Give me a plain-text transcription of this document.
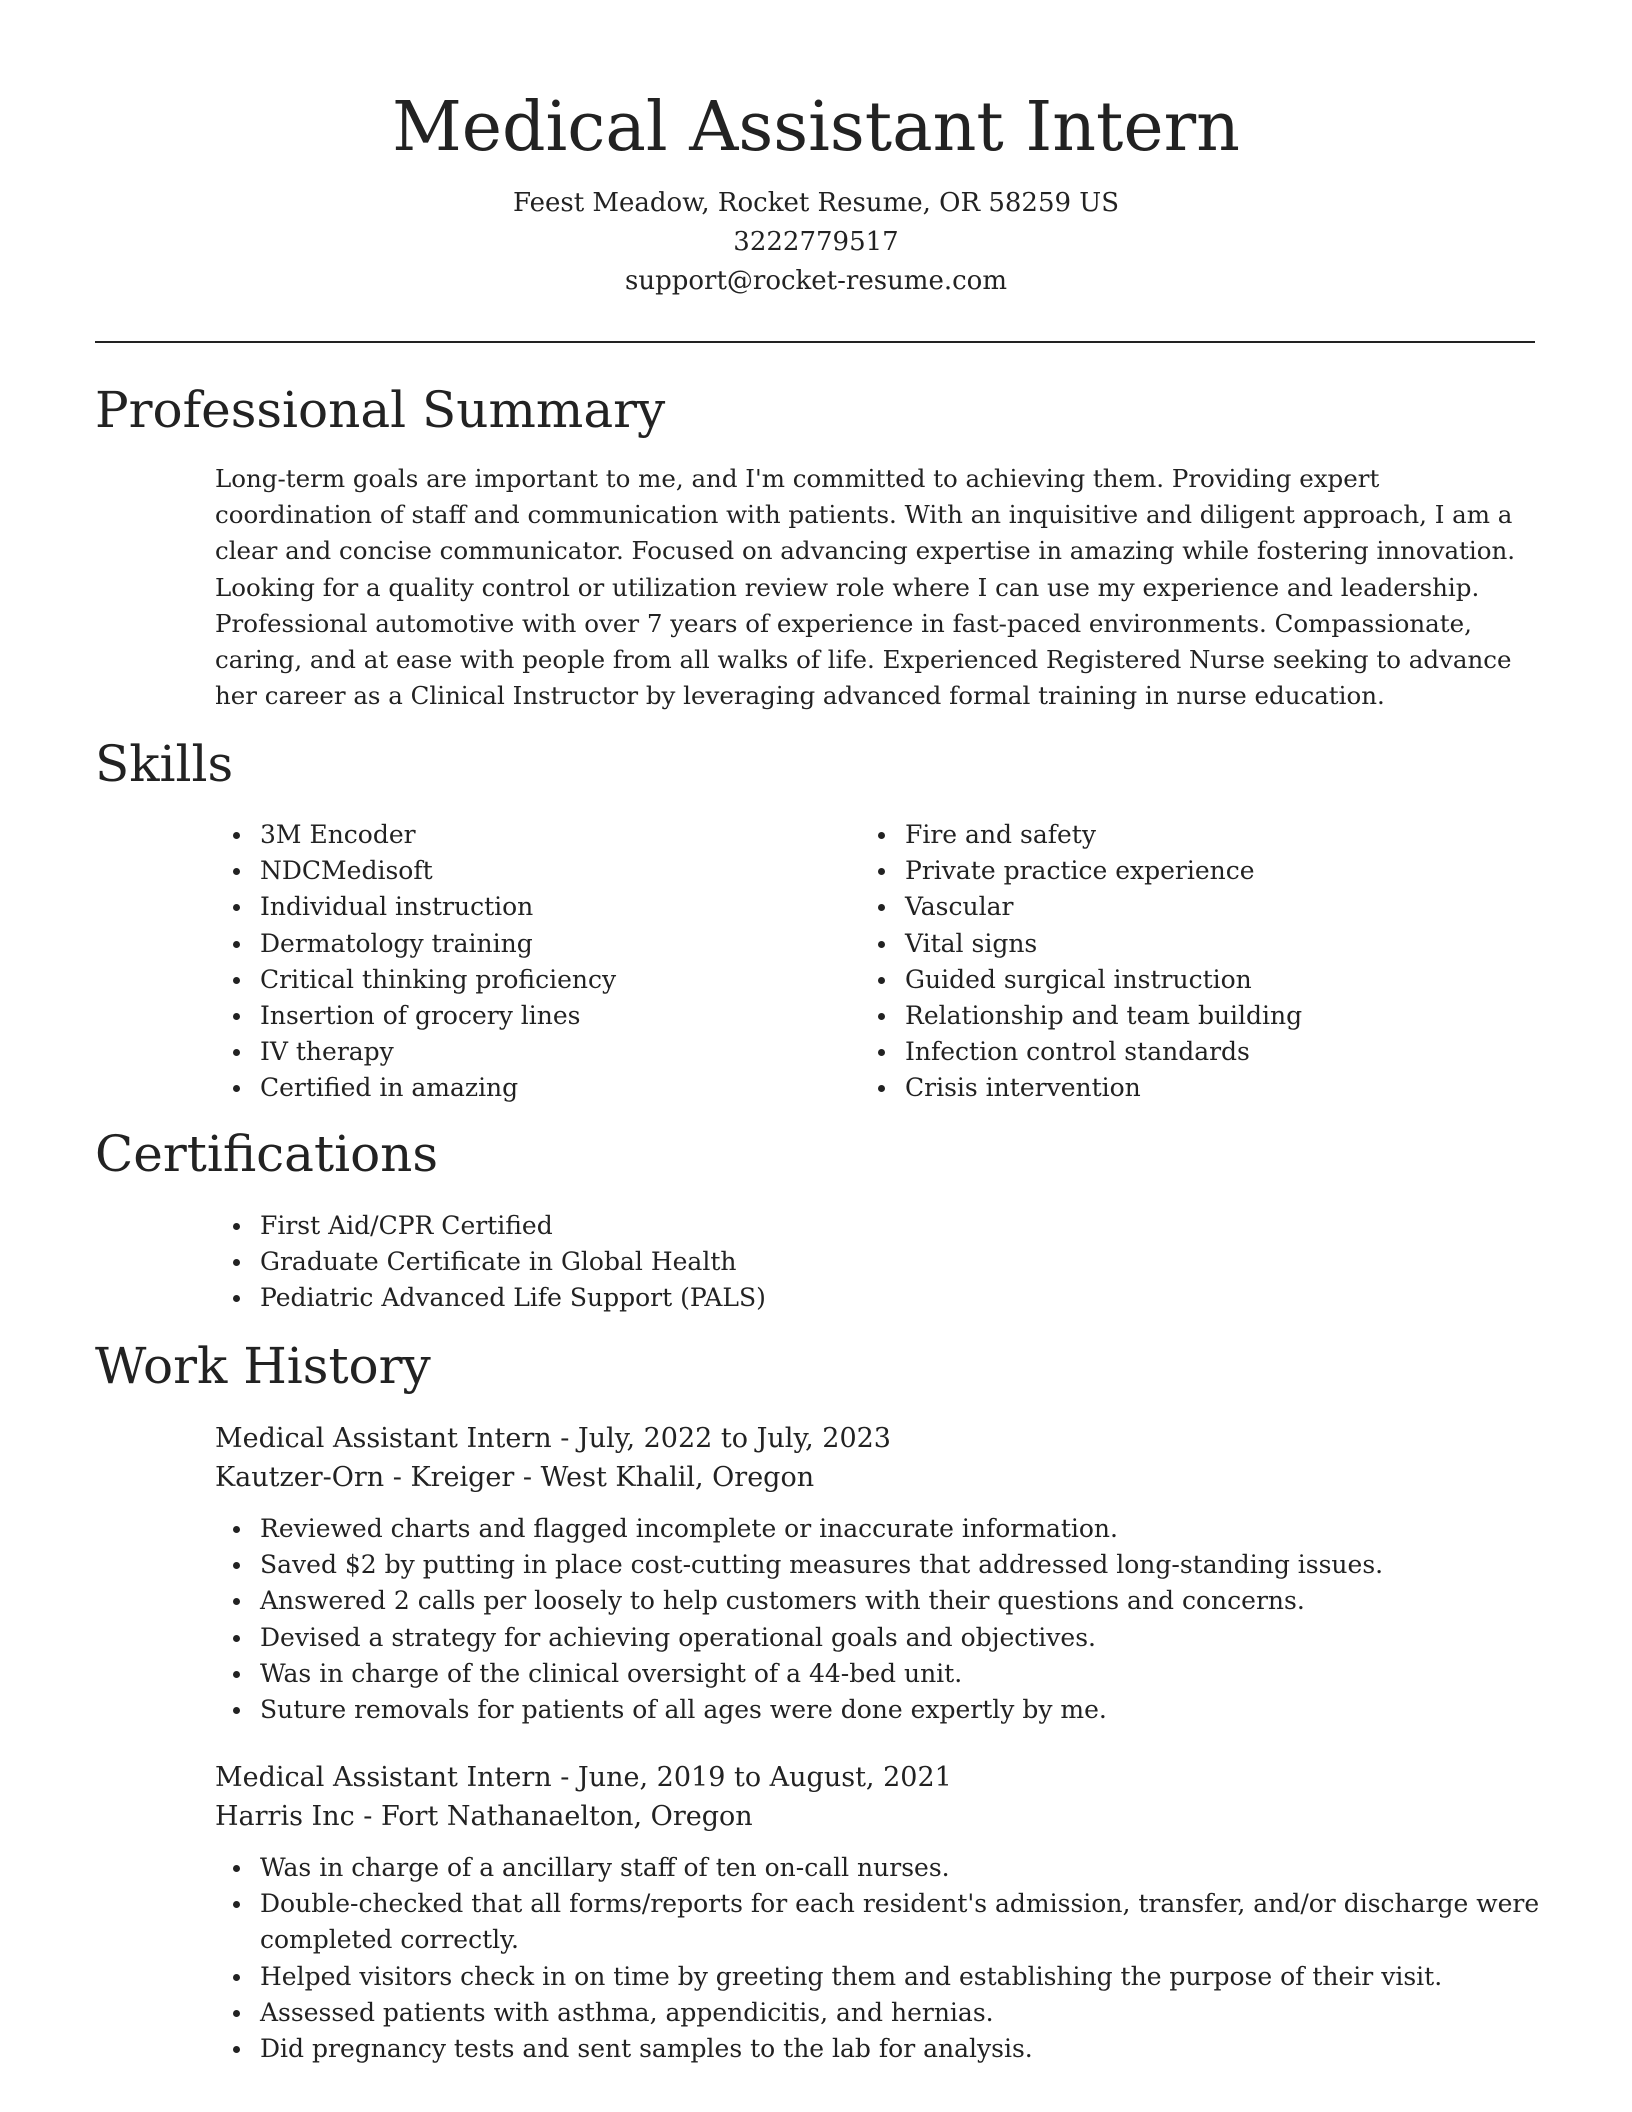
Medical Assistant Intern

Feest Meadow, Rocket Resume, OR 58259 US

3222779517

support@rocket-resume.com

Professional Summary

Long-term goals are important to me, and I'm committed to achieving them. Providing expert coordination of staff and communication with patients. With an inquisitive and diligent approach, I am a clear and concise communicator. Focused on advancing expertise in amazing while fostering innovation. Looking for a quality control or utilization review role where I can use my experience and leadership. Professional automotive with over 7 years of experience in fast-paced environments. Compassionate, caring, and at ease with people from all walks of life. Experienced Registered Nurse seeking to advance her career as a Clinical Instructor by leveraging advanced formal training in nurse education.

Skills
3M Encoder
NDCMedisoft
Individual instruction
Dermatology training
Critical thinking proficiency
Insertion of grocery lines
IV therapy
Certified in amazing
Fire and safety
Private practice experience
Vascular
Vital signs
Guided surgical instruction
Relationship and team building
Infection control standards
Crisis intervention
Certifications
First Aid/CPR Certified
Graduate Certificate in Global Health
Pediatric Advanced Life Support (PALS)
Work History

Medical Assistant Intern - July, 2022 to July, 2023

Kautzer-Orn - Kreiger - West Khalil, Oregon

Reviewed charts and flagged incomplete or inaccurate information.
Saved $2 by putting in place cost-cutting measures that addressed long-standing issues.
Answered 2 calls per loosely to help customers with their questions and concerns.
Devised a strategy for achieving operational goals and objectives.
Was in charge of the clinical oversight of a 44-bed unit.
Suture removals for patients of all ages were done expertly by me.

Medical Assistant Intern - June, 2019 to August, 2021

Harris Inc - Fort Nathanaelton, Oregon

Was in charge of a ancillary staff of ten on-call nurses.
Double-checked that all forms/reports for each resident's admission, transfer, and/or discharge were completed correctly.
Helped visitors check in on time by greeting them and establishing the purpose of their visit.
Assessed patients with asthma, appendicitis, and hernias.
Did pregnancy tests and sent samples to the lab for analysis.
